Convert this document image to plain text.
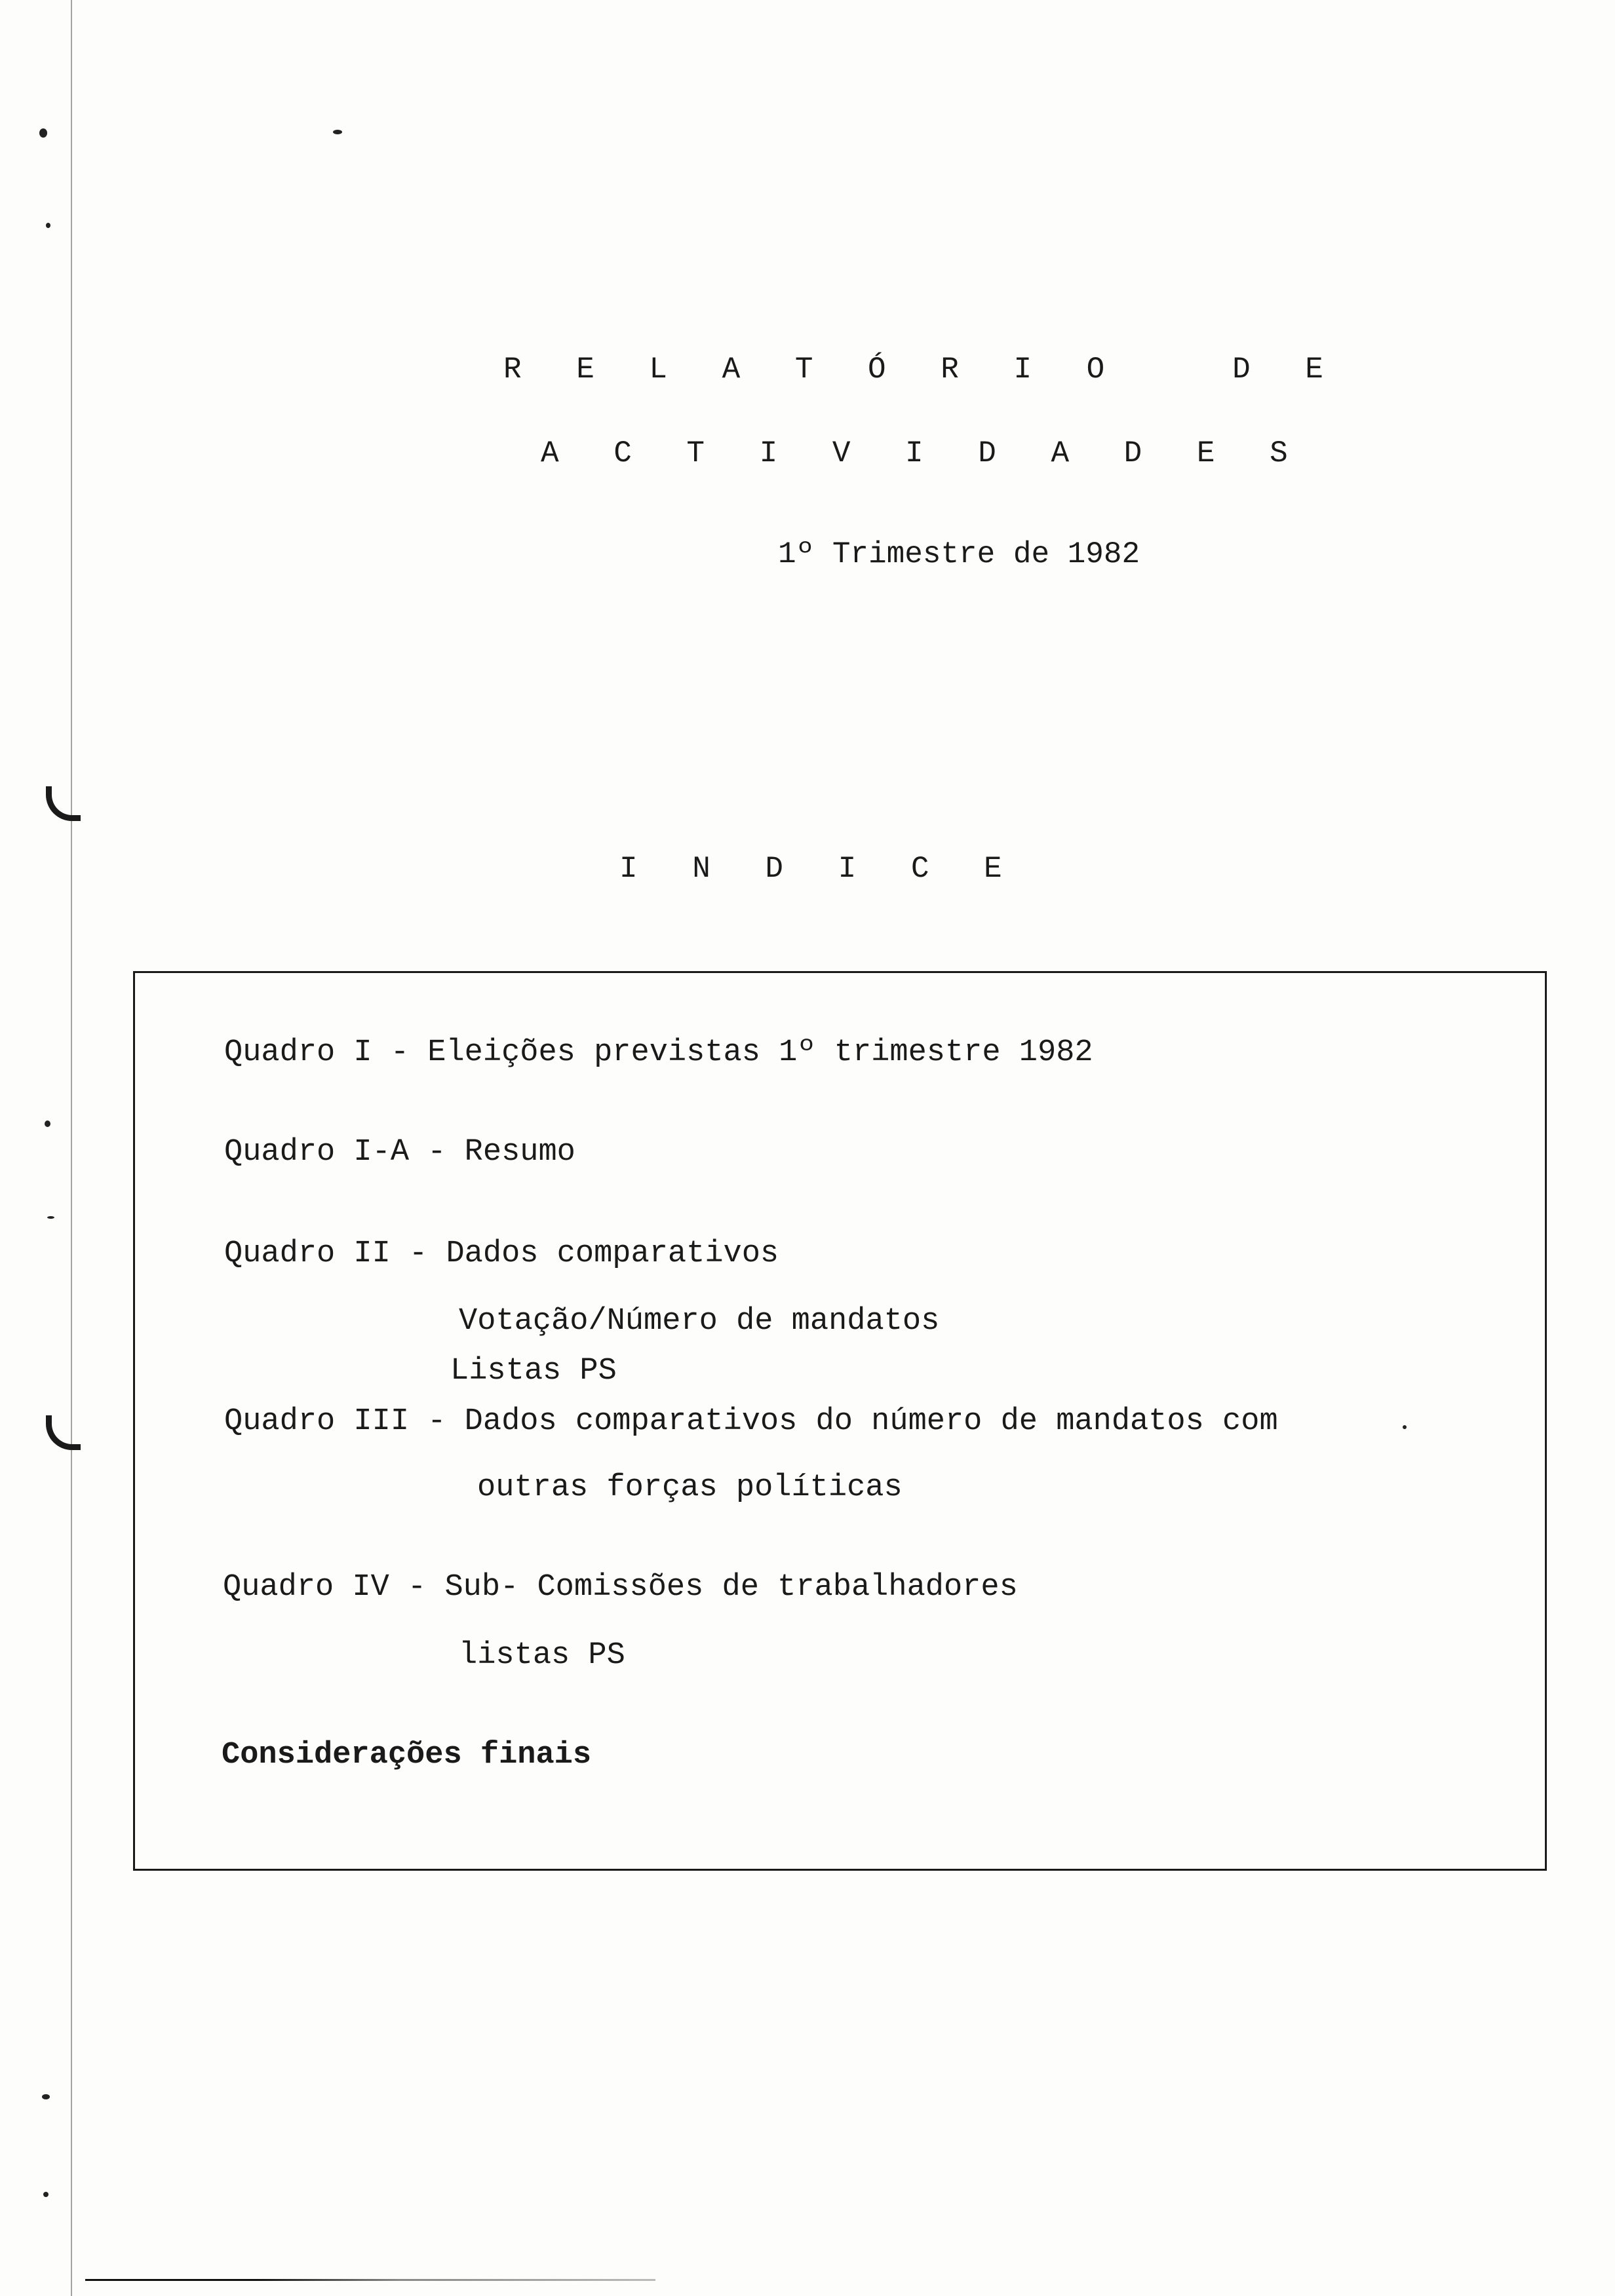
R E L A T Ó R I O   D E
A C T I V I D A D E S
1º Trimestre de 1982
I N D I C E
Quadro I - Eleições previstas 1º trimestre 1982
Quadro I-A - Resumo
Quadro II - Dados comparativos
Votação/Número de mandatos
Listas PS
Quadro III - Dados comparativos do número de mandatos com
outras forças políticas
Quadro IV - Sub- Comissões de trabalhadores
listas PS
Considerações finais
